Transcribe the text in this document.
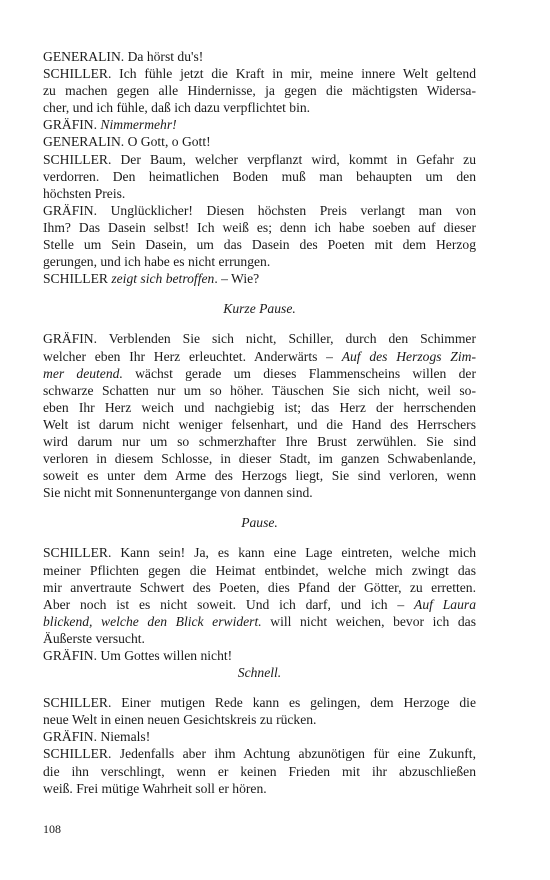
GENERALIN. Da hörst du's!

SCHILLER. Ich fühle jetzt die Kraft in mir, meine innere Welt geltend

zu machen gegen alle Hindernisse, ja gegen die mächtigsten Widersa-

cher, und ich fühle, daß ich dazu verpflichtet bin.

GRÄFIN. Nimmermehr!

GENERALIN. O Gott, o Gott!

SCHILLER. Der Baum, welcher verpflanzt wird, kommt in Gefahr zu

verdorren. Den heimatlichen Boden muß man behaupten um den

höchsten Preis.

GRÄFIN. Unglücklicher! Diesen höchsten Preis verlangt man von

Ihm? Das Dasein selbst! Ich weiß es; denn ich habe soeben auf dieser

Stelle um Sein Dasein, um das Dasein des Poeten mit dem Herzog

gerungen, und ich habe es nicht errungen.

SCHILLER zeigt sich betroffen. – Wie?

Kurze Pause.

GRÄFIN. Verblenden Sie sich nicht, Schiller, durch den Schimmer

welcher eben Ihr Herz erleuchtet. Anderwärts – Auf des Herzogs Zim-

mer deutend. wächst gerade um dieses Flammenscheins willen der

schwarze Schatten nur um so höher. Täuschen Sie sich nicht, weil so-

eben Ihr Herz weich und nachgiebig ist; das Herz der herrschenden

Welt ist darum nicht weniger felsenhart, und die Hand des Herrschers

wird darum nur um so schmerzhafter Ihre Brust zerwühlen. Sie sind

verloren in diesem Schlosse, in dieser Stadt, im ganzen Schwabenlande,

soweit es unter dem Arme des Herzogs liegt, Sie sind verloren, wenn

Sie nicht mit Sonnenuntergange von dannen sind.

Pause.

SCHILLER. Kann sein! Ja, es kann eine Lage eintreten, welche mich

meiner Pflichten gegen die Heimat entbindet, welche mich zwingt das

mir anvertraute Schwert des Poeten, dies Pfand der Götter, zu erretten.

Aber noch ist es nicht soweit. Und ich darf, und ich – Auf Laura

blickend, welche den Blick erwidert. will nicht weichen, bevor ich das

Äußerste versucht.

GRÄFIN. Um Gottes willen nicht!

Schnell.

SCHILLER. Einer mutigen Rede kann es gelingen, dem Herzoge die

neue Welt in einen neuen Gesichtskreis zu rücken.

GRÄFIN. Niemals!

SCHILLER. Jedenfalls aber ihm Achtung abzunötigen für eine Zukunft,

die ihn verschlingt, wenn er keinen Frieden mit ihr abzuschließen

weiß. Frei mütige Wahrheit soll er hören.

108
